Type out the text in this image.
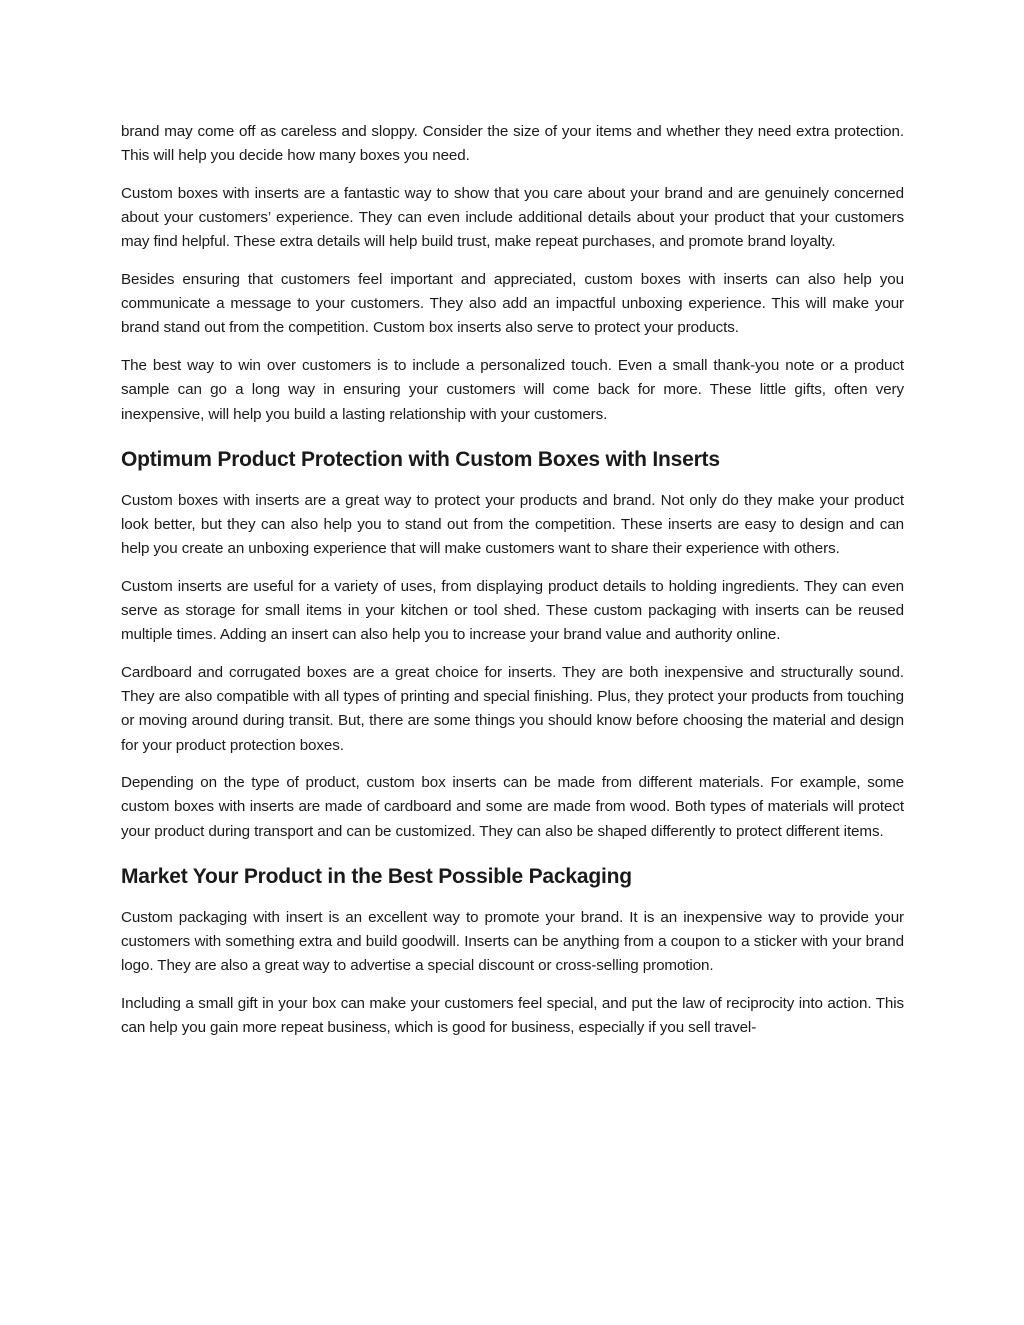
brand may come off as careless and sloppy. Consider the size of your items and whether they need extra protection. This will help you decide how many boxes you need.

Custom boxes with inserts are a fantastic way to show that you care about your brand and are genuinely concerned about your customers’ experience. They can even include additional details about your product that your customers may find helpful. These extra details will help build trust, make repeat purchases, and promote brand loyalty.

Besides ensuring that customers feel important and appreciated, custom boxes with inserts can also help you communicate a message to your customers. They also add an impactful unboxing experience. This will make your brand stand out from the competition. Custom box inserts also serve to protect your products.

The best way to win over customers is to include a personalized touch. Even a small thank-you note or a product sample can go a long way in ensuring your customers will come back for more. These little gifts, often very inexpensive, will help you build a lasting relationship with your customers.

Optimum Product Protection with Custom Boxes with Inserts

Custom boxes with inserts are a great way to protect your products and brand. Not only do they make your product look better, but they can also help you to stand out from the competition. These inserts are easy to design and can help you create an unboxing experience that will make customers want to share their experience with others.

Custom inserts are useful for a variety of uses, from displaying product details to holding ingredients. They can even serve as storage for small items in your kitchen or tool shed. These custom packaging with inserts can be reused multiple times. Adding an insert can also help you to increase your brand value and authority online.

Cardboard and corrugated boxes are a great choice for inserts. They are both inexpensive and structurally sound. They are also compatible with all types of printing and special finishing. Plus, they protect your products from touching or moving around during transit. But, there are some things you should know before choosing the material and design for your product protection boxes.

Depending on the type of product, custom box inserts can be made from different materials. For example, some custom boxes with inserts are made of cardboard and some are made from wood. Both types of materials will protect your product during transport and can be customized. They can also be shaped differently to protect different items.

Market Your Product in the Best Possible Packaging

Custom packaging with insert is an excellent way to promote your brand. It is an inexpensive way to provide your customers with something extra and build goodwill. Inserts can be anything from a coupon to a sticker with your brand logo. They are also a great way to advertise a special discount or cross-selling promotion.

Including a small gift in your box can make your customers feel special, and put the law of reciprocity into action. This can help you gain more repeat business, which is good for business, especially if you sell travel-
